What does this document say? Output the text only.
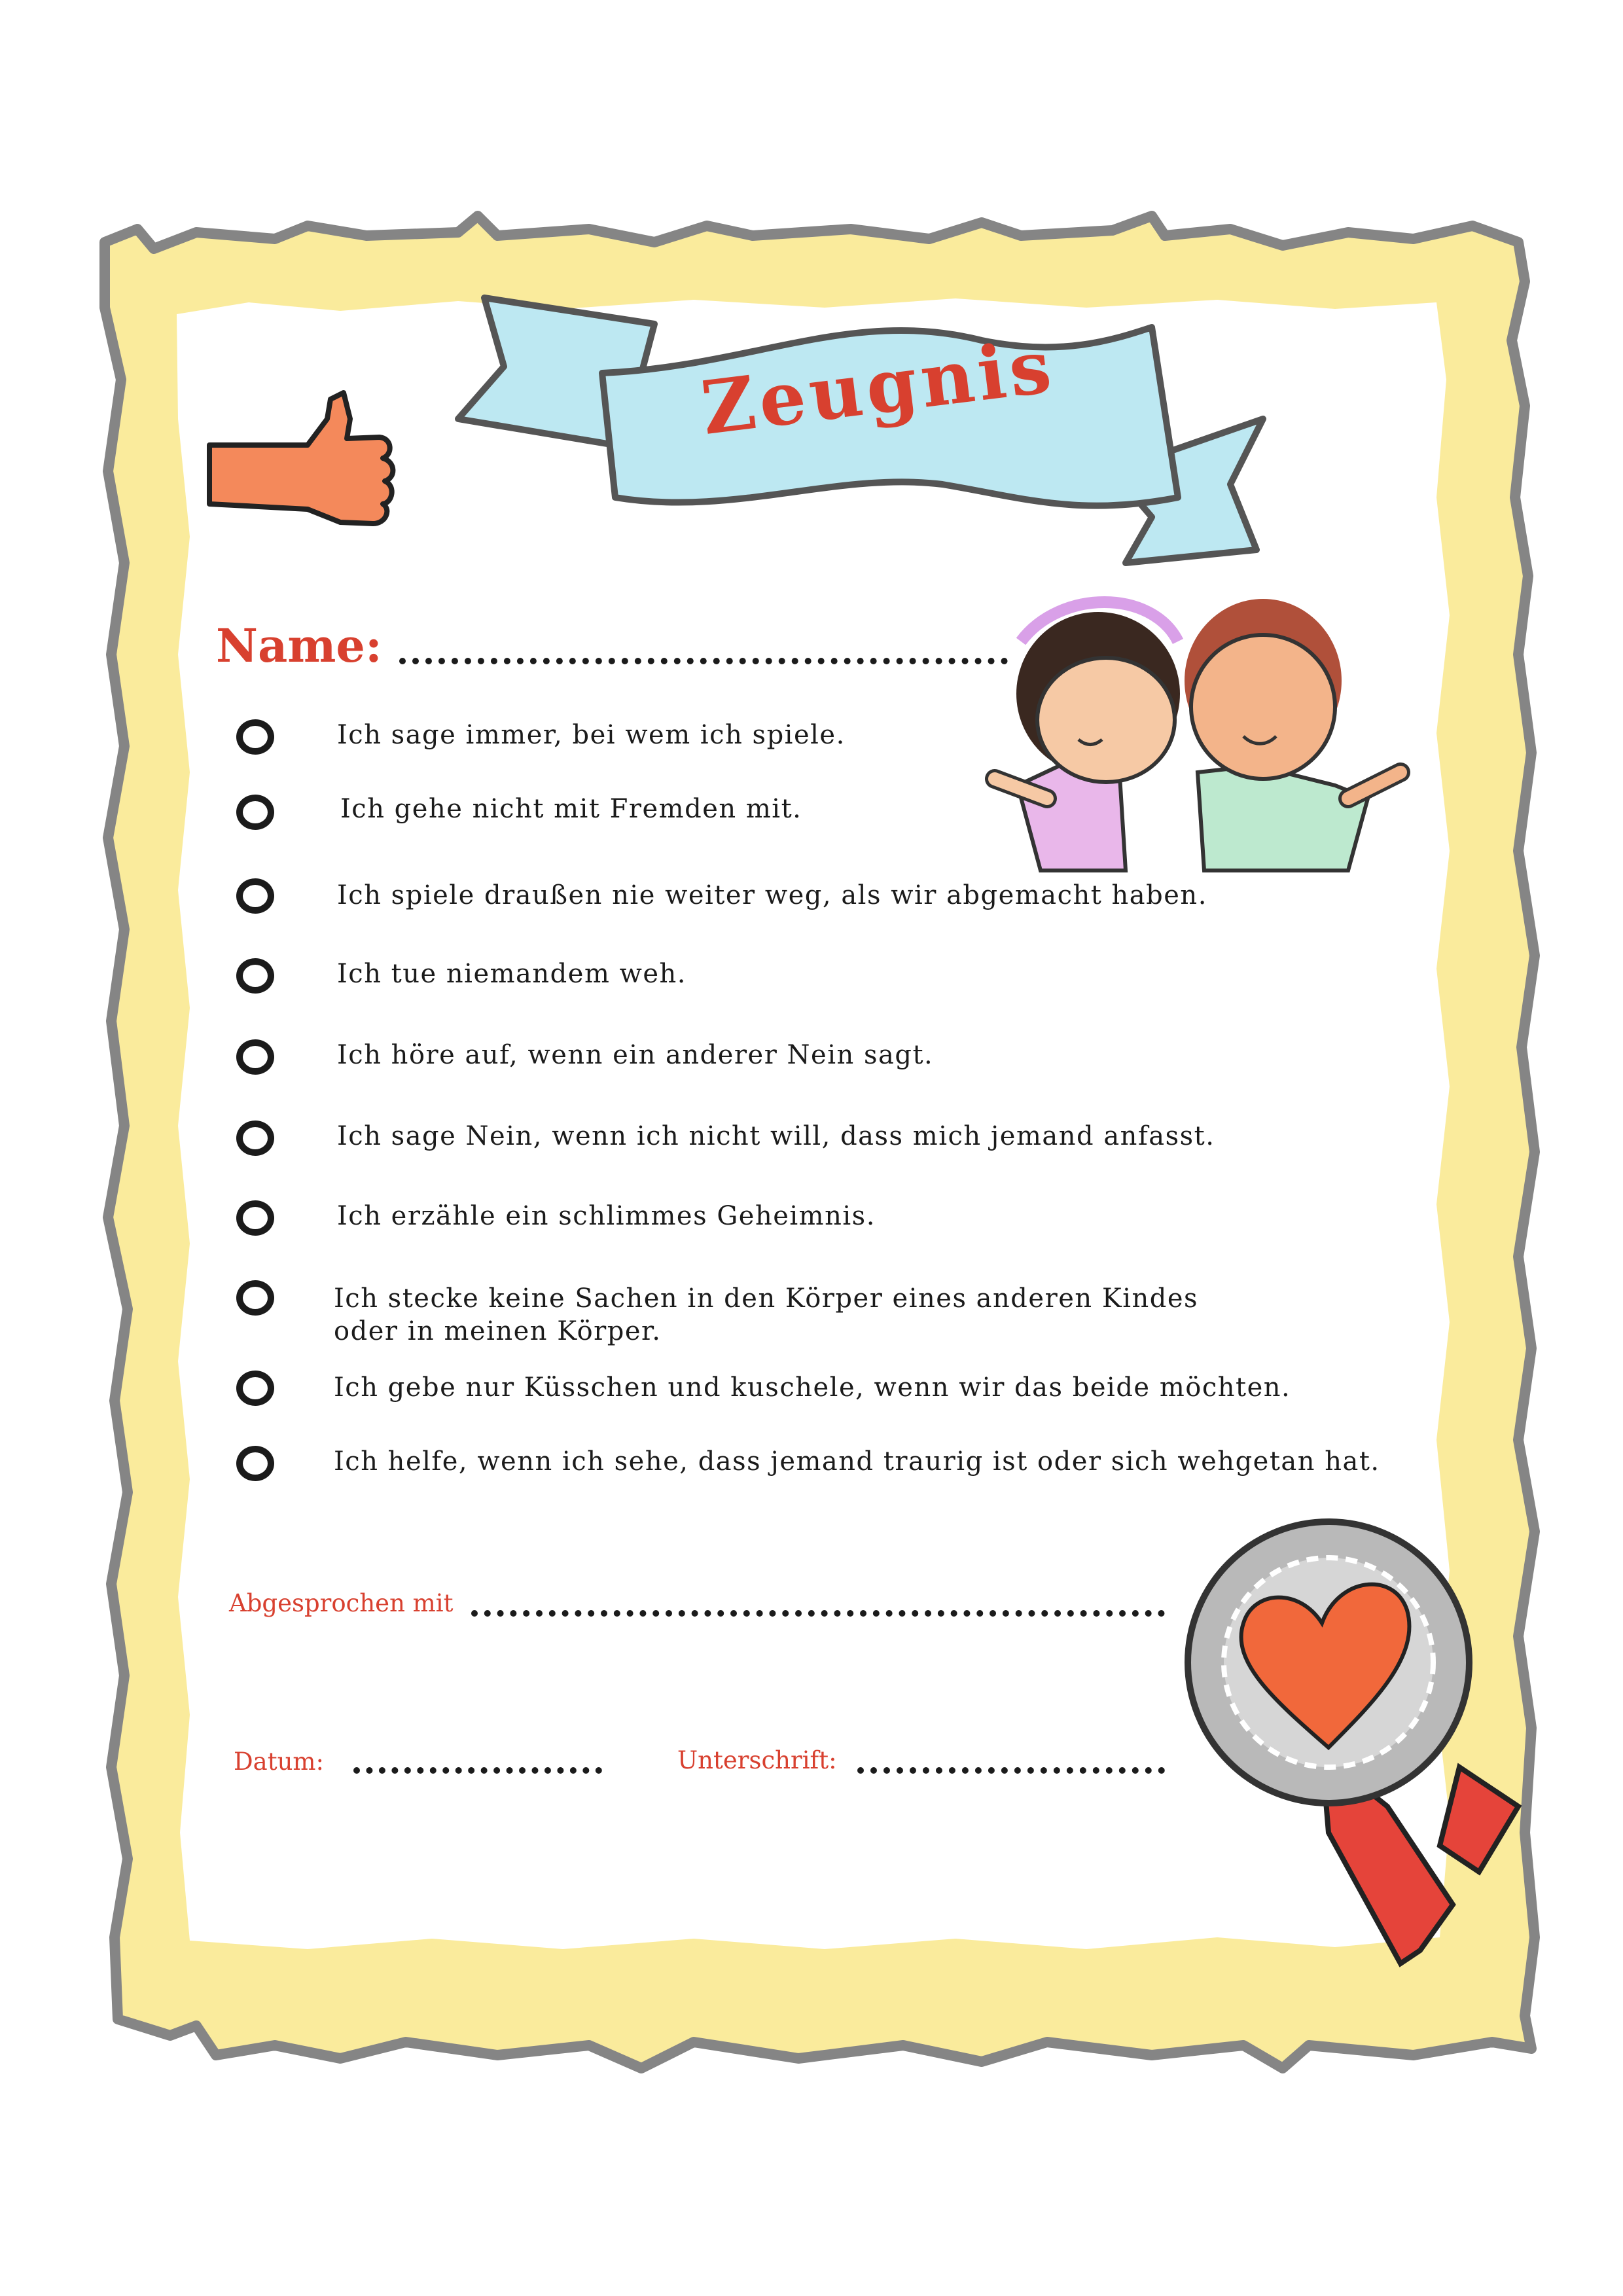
Zeugnis
Name:
Ich sage immer, bei wem ich spiele.
Ich gehe nicht mit Fremden mit.
Ich spiele draußen nie weiter weg, als wir abgemacht haben.
Ich tue niemandem weh.
Ich höre auf, wenn ein anderer Nein sagt.
Ich sage Nein, wenn ich nicht will, dass mich jemand anfasst.
Ich erzähle ein schlimmes Geheimnis.
Ich stecke keine Sachen in den Körper eines anderen Kindes
oder in meinen Körper.
Ich gebe nur Küsschen und kuschele, wenn wir das beide möchten.
Ich helfe, wenn ich sehe, dass jemand traurig ist oder sich wehgetan hat.
Abgesprochen mit
Datum:	Unterschrift:
